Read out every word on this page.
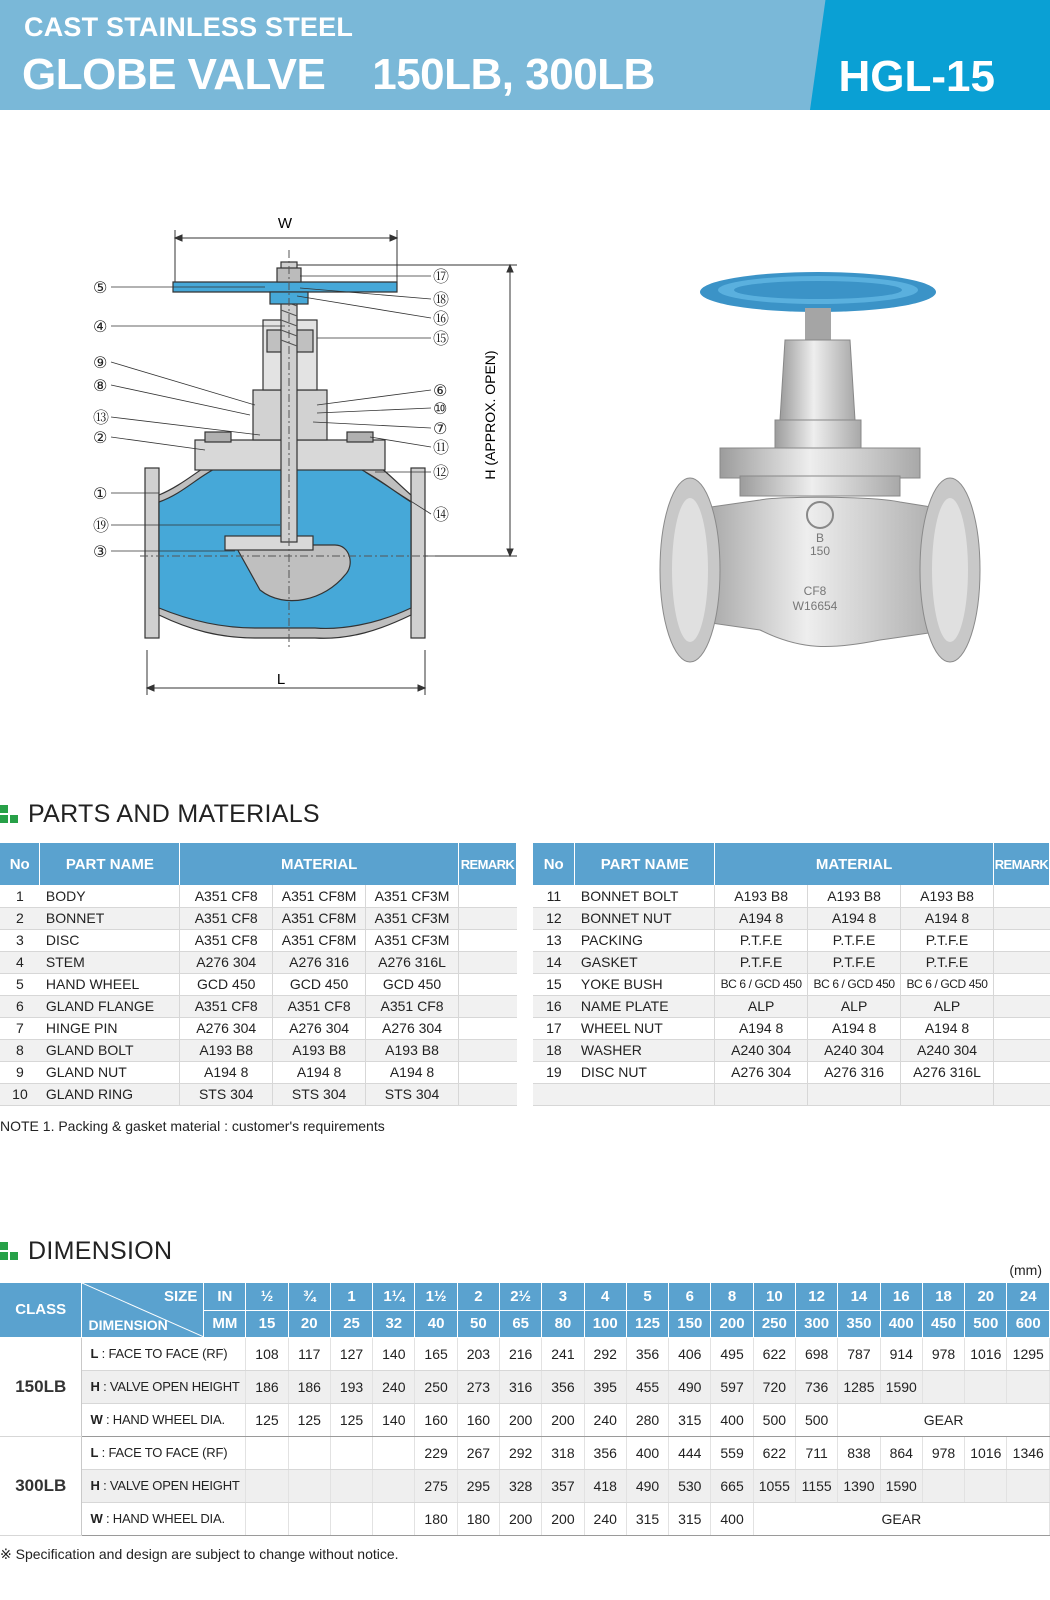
CAST STAINLESS STEEL
GLOBE VALVE    150LB, 300LB	HGL-15
W
L
H (APPROX. OPEN)
⑤
④
⑨
⑧
⑬
②
①
⑲
③
⑰
⑱
⑯
⑮
⑥
⑩
⑦
⑪
⑫
⑭
B
150
CF8
W16654
PARTS AND MATERIALS
No	PART NAME	MATERIAL			REMARK
1	BODY	A351 CF8	A351 CF8M	A351 CF3M	
2	BONNET	A351 CF8	A351 CF8M	A351 CF3M	
3	DISC	A351 CF8	A351 CF8M	A351 CF3M	
4	STEM	A276 304	A276 316	A276 316L	
5	HAND WHEEL	GCD 450	GCD 450	GCD 450	
6	GLAND FLANGE	A351 CF8	A351 CF8	A351 CF8	
7	HINGE PIN	A276 304	A276 304	A276 304	
8	GLAND BOLT	A193 B8	A193 B8	A193 B8	
9	GLAND NUT	A194 8	A194 8	A194 8	
10	GLAND RING	STS 304	STS 304	STS 304	
No	PART NAME	MATERIAL			REMARK
11	BONNET BOLT	A193 B8	A193 B8	A193 B8	
12	BONNET NUT	A194 8	A194 8	A194 8	
13	PACKING	P.T.F.E	P.T.F.E	P.T.F.E	
14	GASKET	P.T.F.E	P.T.F.E	P.T.F.E	
15	YOKE BUSH	BC 6 / GCD 450	BC 6 / GCD 450	BC 6 / GCD 450	
16	NAME PLATE	ALP	ALP	ALP	
17	WHEEL NUT	A194 8	A194 8	A194 8	
18	WASHER	A240 304	A240 304	A240 304	
19	DISC NUT	A276 304	A276 316	A276 316L	

NOTE 1. Packing & gasket material : customer's requirements
DIMENSION
(mm)
CLASS	SIZE
DIMENSION	IN	½	¾	1	1¼	1½	2	2½	3	4	5	6	8	10	12	14	16	18	20	24
		MM	15	20	25	32	40	50	65	80	100	125	150	200	250	300	350	400	450	500	600
150LB	L : FACE TO FACE (RF)		108	117	127	140	165	203	216	241	292	356	406	495	622	698	787	914	978	1016	1295
	H : VALVE OPEN HEIGHT		186	186	193	240	250	273	316	356	395	455	490	597	720	736	1285	1590			
	W : HAND WHEEL DIA.		125	125	125	140	160	160	200	200	240	280	315	400	500	500	GEAR				
300LB	L : FACE TO FACE (RF)						229	267	292	318	356	400	444	559	622	711	838	864	978	1016	1346
	H : VALVE OPEN HEIGHT						275	295	328	357	418	490	530	665	1055	1155	1390	1590			
	W : HAND WHEEL DIA.						180	180	200	200	240	315	315	400	GEAR						
※ Specification and design are subject to change without notice.
